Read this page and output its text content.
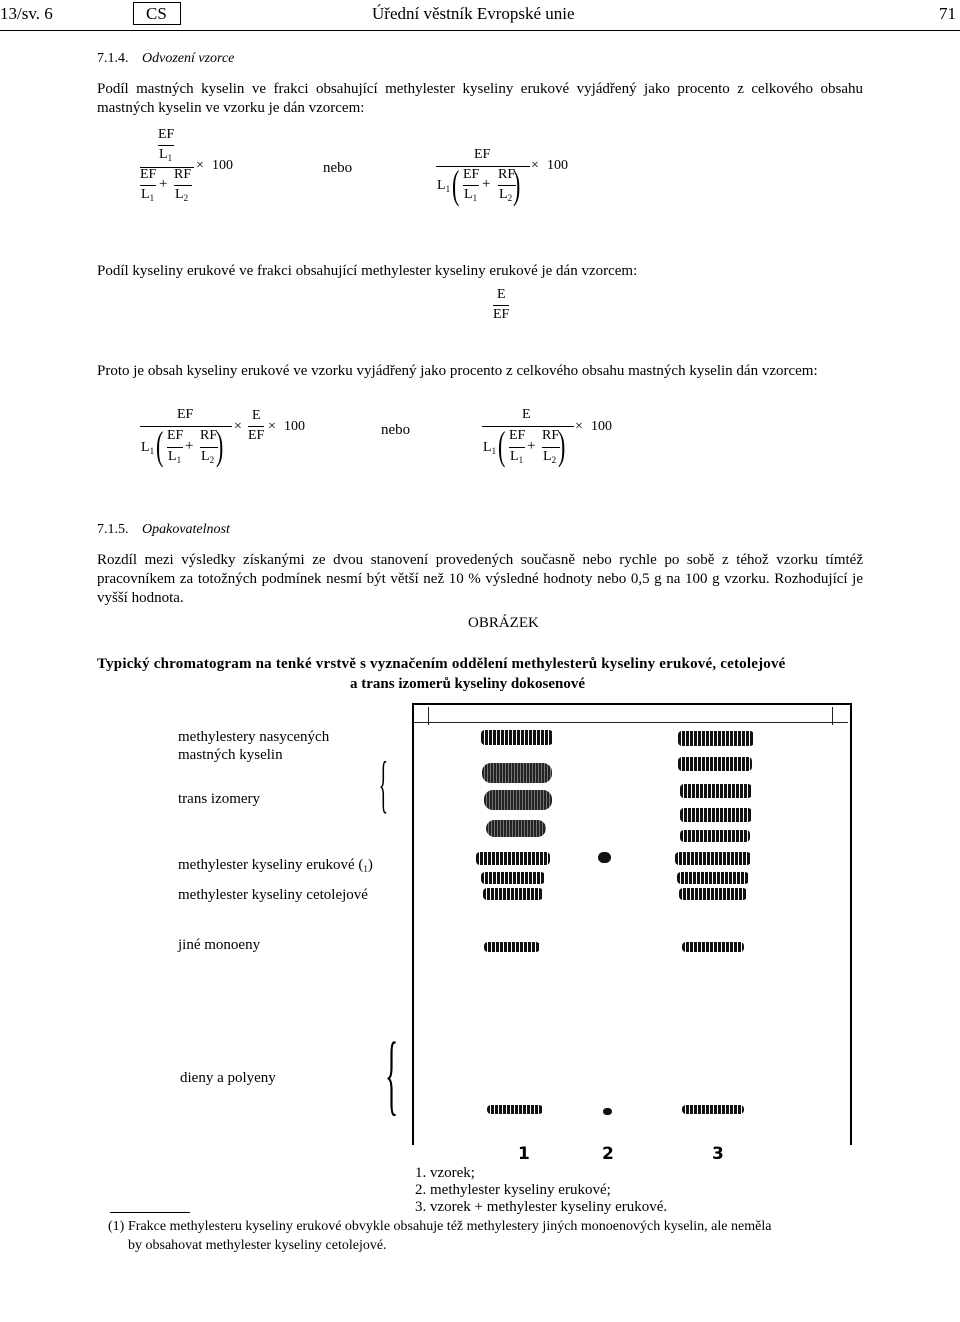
13/sv. 6	CS	Úřední věstník Evropské unie	71
7.1.4. Odvození vzorce
Podíl mastných kyselin ve frakci obsahující methylester kyseliny erukové vyjádřený jako procento z celkového obsahu mastných kyselin ve vzorku je dán vzorcem:
EF
$L_1 \times 100$
EF
$L_1$
+
RF
$L_2$
nebo
EF
× 100
$L_1$ ( EF
$L_1$
+
RF
$L_2$ )
Podíl kyseliny erukové ve frakci obsahující methylester kyseliny erukové je dán vzorcem:
E
EF
Proto je obsah kyseliny erukové ve vzorku vyjádřený jako procento z celkového obsahu mastných kyselin dán vzorcem:
EF
$L_1$ ( EF
$L_1$
+
RF
$L_2$ ) ×
E
EF
× 100	nebo
E
× 100
$L_1$ ( EF
$L_1$
+
RF
$L_2$ )
7.1.5. Opakovatelnost
Rozdíl mezi výsledky získanými ze dvou stanovení provedených současně nebo rychle po sobě z téhož vzorku tímtéž pracovníkem za totožných podmínek nesmí být větší než 10 % výsledné hodnoty nebo 0,5 g na 100 g vzorku. Rozhodující je vyšší hodnota.
OBRÁZEK
Typický chromatogram na tenké vrstvě s vyznačením oddělení methylesterů kyseliny erukové, cetolejové
a trans izomerů kyseliny dokosenové
1	2	3
methylestery nasycených
mastných kyselin
trans izomery {
methylester kyseliny erukové $(_1)$
methylester kyseliny cetolejové
jiné monoeny
dieny a polyeny {
1. vzorek;
2. methylester kyseliny erukové;
3. vzorek + methylester kyseliny erukové.
(1) Frakce methylesteru kyseliny erukové obvykle obsahuje též methylestery jiných monoenových kyselin, ale neměla
by obsahovat methylester kyseliny cetolejové.
